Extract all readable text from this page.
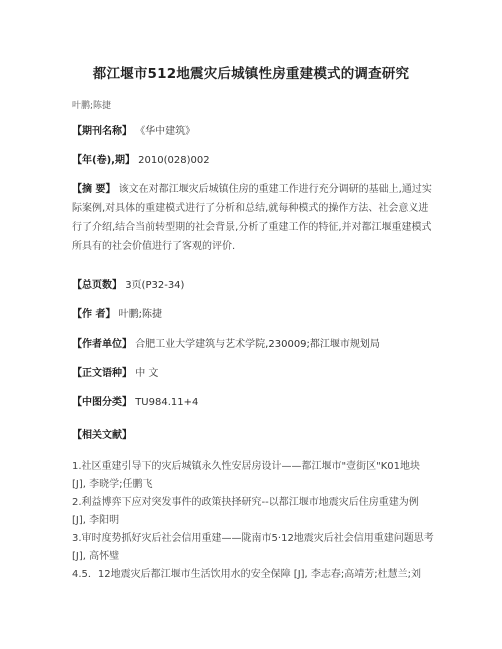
都江堰市512地震灾后城镇性房重建模式的调查研究
叶鹏;陈捷
【期刊名称】 《华中建筑》
【年(卷),期】 2010(028)002
【摘 要】 该文在对都江堰灾后城镇住房的重建工作进行充分调研的基础上,通过实际案例,对具体的重建模式进行了分析和总结,就每种模式的操作方法、社会意义进行了介绍,结合当前转型期的社会背景,分析了重建工作的特征,并对都江堰重建模式所具有的社会价值进行了客观的评价.
【总页数】 3页(P32-34)
【作 者】 叶鹏;陈捷
【作者单位】 合肥工业大学建筑与艺术学院,230009;都江堰市规划局
【正文语种】 中 文
【中图分类】 TU984.11+4
【相关文献】

1.社区重建引导下的灾后城镇永久性安居房设计——都江堰市"壹街区"K01地块 [J], 李晓学;任鹏飞

2.利益博弈下应对突发事件的政策抉择研究--以都江堰市地震灾后住房重建为例 [J], 李阳明

3.审时度势抓好灾后社会信用重建——陇南市5·12地震灾后社会信用重建问题思考 [J], 高怀璧

4.5．12地震灾后都江堰市生活饮用水的安全保障 [J], 李志春;高靖芳;杜慧兰;刘
